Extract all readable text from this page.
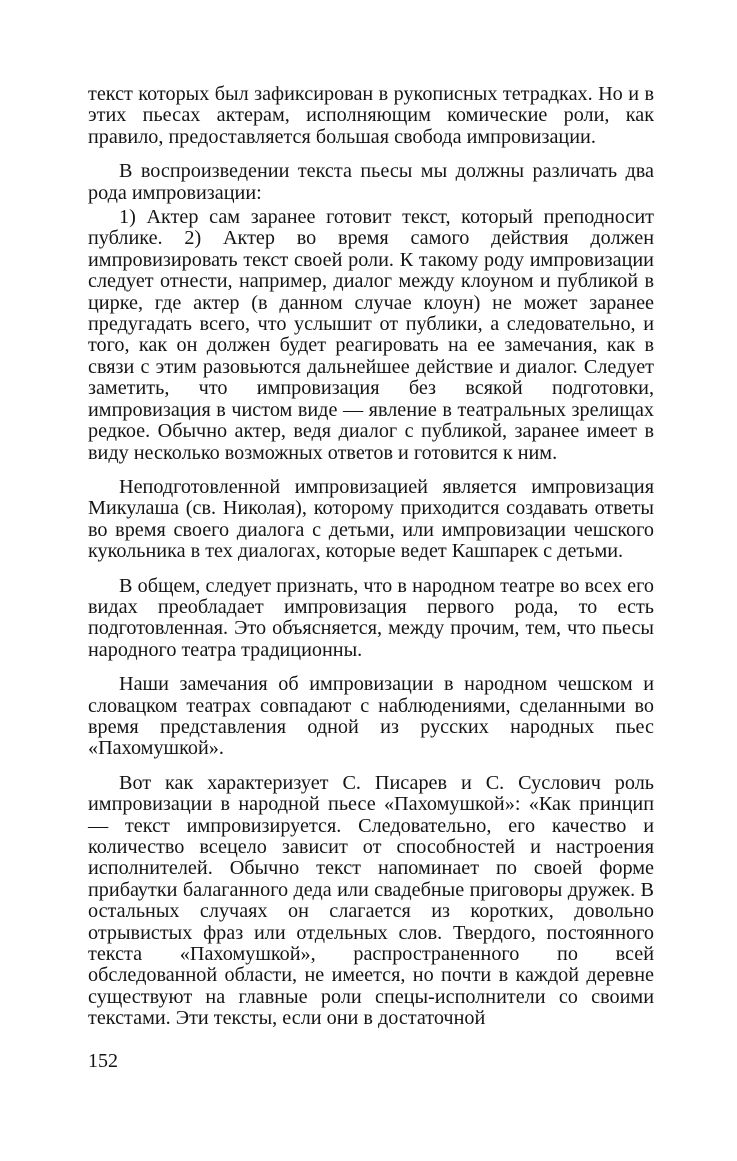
текст которых был зафиксирован в рукописных тетрадках. Но и в этих пьесах актерам, исполняющим комические роли, как правило, предоставляется большая свобода импровизации.

В воспроизведении текста пьесы мы должны различать два рода импровизации:

1) Актер сам заранее готовит текст, который преподносит публике. 2) Актер во время самого действия должен импровизировать текст своей роли. К такому роду импровизации следует отнести, например, диалог между клоуном и публикой в цирке, где актер (в данном случае клоун) не может заранее предугадать всего, что услышит от публики, а следовательно, и того, как он должен будет реагировать на ее замечания, как в связи с этим разовьются дальнейшее действие и диалог. Следует заметить, что импровизация без всякой подготовки, импровизация в чистом виде — явление в театральных зрелищах редкое. Обычно актер, ведя диалог с публикой, заранее имеет в виду несколько возможных ответов и готовится к ним.

Неподготовленной импровизацией является импровизация Микулаша (св. Николая), которому приходится создавать ответы во время своего диалога с детьми, или импровизации чешского кукольника в тех диалогах, которые ведет Кашпарек с детьми.

В общем, следует признать, что в народном театре во всех его видах преобладает импровизация первого рода, то есть подготовленная. Это объясняется, между прочим, тем, что пьесы народного театра традиционны.

Наши замечания об импровизации в народном чешском и словацком театрах совпадают с наблюдениями, сделанными во время представления одной из русских народных пьес «Пахомушкой».

Вот как характеризует С. Писарев и С. Суслович роль импровизации в народной пьесе «Пахомушкой»: «Как принцип — текст импровизируется. Следовательно, его качество и количество всецело зависит от способностей и настроения исполнителей. Обычно текст напоминает по своей форме прибаутки балаганного деда или свадебные приговоры дружек. В остальных случаях он слагается из коротких, довольно отрывистых фраз или отдельных слов. Твердого, постоянного текста «Пахомушкой», распространенного по всей обследованной области, не имеется, но почти в каждой деревне существуют на главные роли спецы-исполнители со своими текстами. Эти тексты, если они в достаточной

152
